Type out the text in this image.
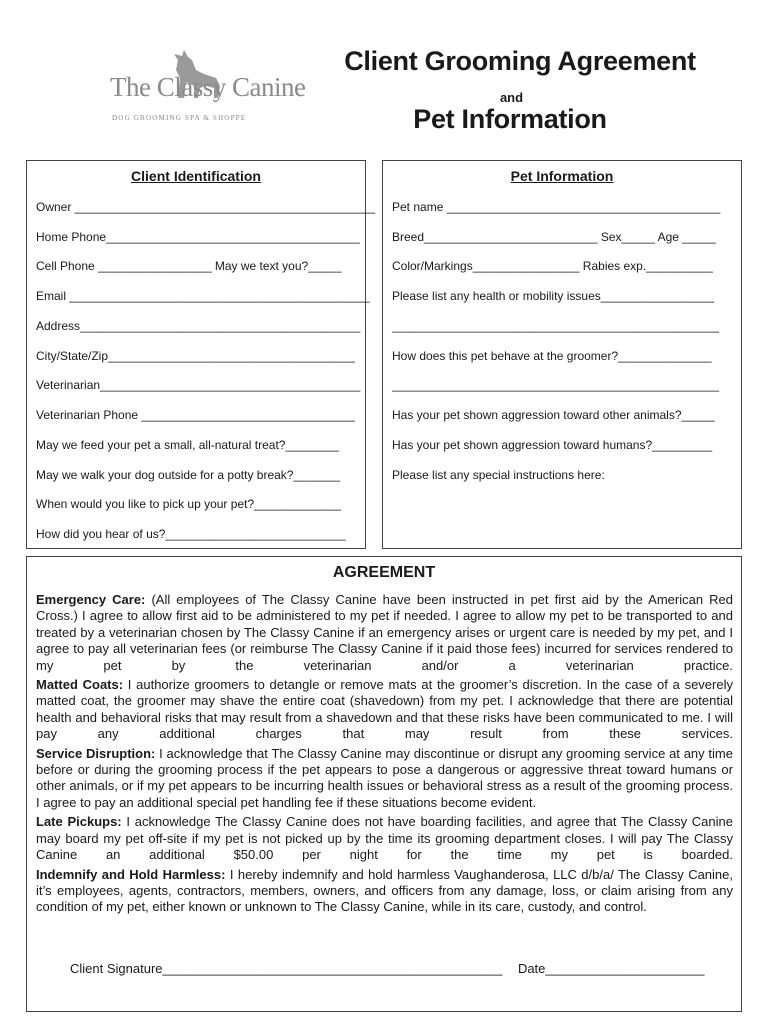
The Classy Canine
DOG GROOMING SPA & SHOPPE
Client Grooming Agreement
and
Pet Information
Client Identification
Owner _____________________________________________
Home Phone______________________________________
Cell Phone _________________ May we text you?_____
Email _____________________________________________
Address__________________________________________
City/State/Zip_____________________________________
Veterinarian_______________________________________
Veterinarian Phone ________________________________
May we feed your pet a small, all-natural treat?________
May we walk your dog outside for a potty break?_______
When would you like to pick up your pet?_____________
How did you hear of us?___________________________
Pet Information
Pet name _________________________________________
Breed__________________________ Sex_____ Age _____
Color/Markings________________ Rabies exp.__________
Please list any health or mobility issues_________________
_________________________________________________
How does this pet behave at the groomer?______________
_________________________________________________
Has your pet shown aggression toward other animals?_____
Has your pet shown aggression toward humans?_________
Please list any special instructions here:
AGREEMENT

Emergency Care: (All employees of The Classy Canine have been instructed in pet first aid by the American Red Cross.) I agree to allow first aid to be administered to my pet if needed. I agree to allow my pet to be transported to and treated by a veterinarian chosen by The Classy Canine if an emergency arises or urgent care is needed by my pet, and I agree to pay all veterinarian fees (or reimburse The Classy Canine if it paid those fees) incurred for services rendered to my pet by the veterinarian and/or a veterinarian practice.

Matted Coats: I authorize groomers to detangle or remove mats at the groomer’s discretion. In the case of a severely matted coat, the groomer may shave the entire coat (shavedown) from my pet. I acknowledge that there are potential health and behavioral risks that may result from a shavedown and that these risks have been communicated to me. I will pay any additional charges that may result from these services.

Service Disruption: I acknowledge that The Classy Canine may discontinue or disrupt any grooming service at any time before or during the grooming process if the pet appears to pose a dangerous or aggressive threat toward humans or other animals, or if my pet appears to be incurring health issues or behavioral stress as a result of the grooming process. I agree to pay an additional special pet handling fee if these situations become evident.

Late Pickups: I acknowledge The Classy Canine does not have boarding facilities, and agree that The Classy Canine may board my pet off-site if my pet is not picked up by the time its grooming department closes. I will pay The Classy Canine an additional $50.00 per night for the time my pet is boarded.

Indemnify and Hold Harmless: I hereby indemnify and hold harmless Vaughanderosa, LLC d/b/a/ The Classy Canine, it’s employees, agents, contractors, members, owners, and officers from any damage, loss, or claim arising from any condition of my pet, either known or unknown to The Classy Canine, while in its care, custody, and control.

Client Signature_______________________________________________ Date______________________
